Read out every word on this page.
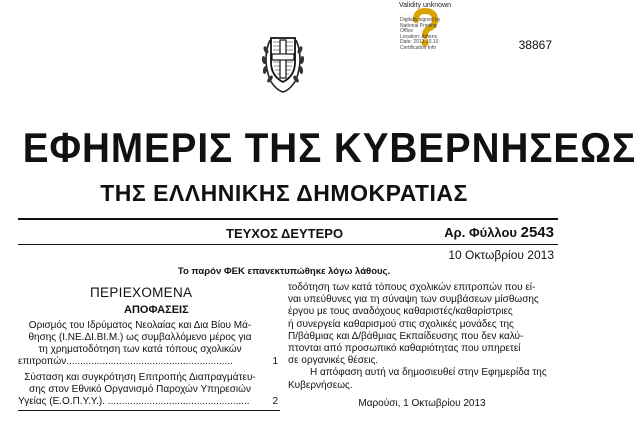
Validity unknown
Digitally signed by
National Printing
Office
Location: Athens
Date: 2013.10.10
Certification Info	38867
ΕΦΗΜΕΡΙΣ ΤΗΣ ΚΥΒΕΡΝΗΣΕΩΣ
ΤΗΣ ΕΛΛΗΝΙΚΗΣ ΔΗΜΟΚΡΑΤΙΑΣ
ΤΕΥΧΟΣ ΔΕΥΤΕΡΟ	Αρ. Φύλλου 2543
10 Οκτωβρίου 2013
Το παρόν ΦΕΚ επανεκτυπώθηκε λόγω λάθους.
ΠΕΡΙΕΧΟΜΕΝΑ
ΑΠΟΦΑΣΕΙΣ
Ορισμός του Ιδρύματος Νεολαίας και Δια Βίου Μά-
θησης (Ι.ΝΕ.ΔΙ.ΒΙ.Μ.) ως συμβαλλόμενο μέρος για
τη χρηματοδότηση των κατά τόπους σχολικών
επιτροπών............................................................	1
Σύσταση και συγκρότηση Επιτροπής Διαπραγμάτευ-
σης στον Εθνικό Οργανισμό Παροχών Υπηρεσιών
Υγείας (Ε.Ο.Π.Υ.Υ.). ...................................................	2

τοδότηση των κατά τόπους σχολικών επιτροπών που εί-

ναι υπεύθυνες για τη σύναψη των συμβάσεων μίσθωσης

έργου με τους αναδόχους καθαριστές/καθαρίστριες

ή συνεργεία καθαρισμού στις σχολικές μονάδες της

Π/βάθμιας και Δ/βάθμιας Εκπαίδευσης που δεν καλύ-

πτονται από προσωπικό καθαριότητας που υπηρετεί

σε οργανικές θέσεις.

Η απόφαση αυτή να δημοσιευθεί στην Εφημερίδα της

Κυβερνήσεως.

Μαρούσι, 1 Οκτωβρίου 2013
